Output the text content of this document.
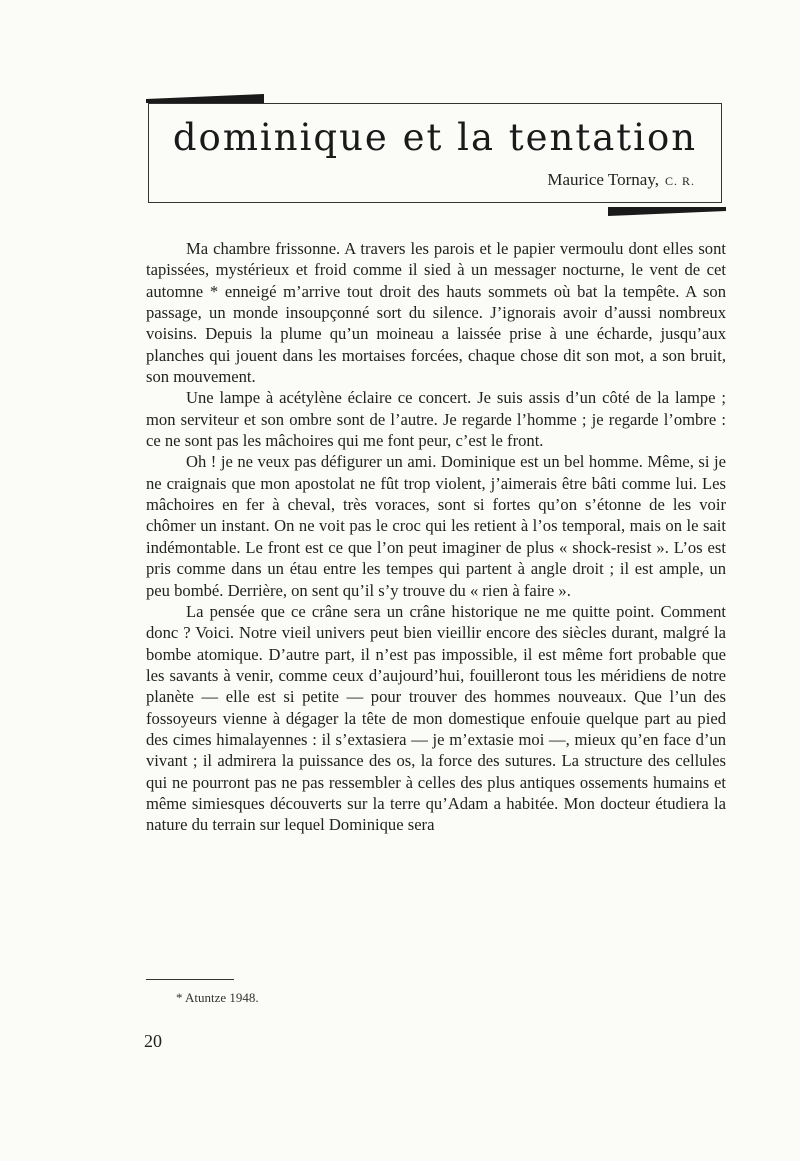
dominique et la tentation
Maurice Tornay, C. R.

Ma chambre frissonne. A travers les parois et le papier vermoulu dont elles sont tapissées, mystérieux et froid comme il sied à un messager nocturne, le vent de cet automne * enneigé m’arrive tout droit des hauts sommets où bat la tempête. A son passage, un monde insoupçonné sort du silence. J’ignorais avoir d’aussi nombreux voisins. Depuis la plume qu’un moineau a laissée prise à une écharde, jusqu’aux planches qui jouent dans les mortaises forcées, chaque chose dit son mot, a son bruit, son mouvement.

Une lampe à acétylène éclaire ce concert. Je suis assis d’un côté de la lampe ; mon serviteur et son ombre sont de l’autre. Je regarde l’homme ; je regarde l’ombre : ce ne sont pas les mâchoires qui me font peur, c’est le front.

Oh ! je ne veux pas défigurer un ami. Dominique est un bel homme. Même, si je ne craignais que mon apostolat ne fût trop violent, j’aimerais être bâti comme lui. Les mâchoires en fer à cheval, très voraces, sont si fortes qu’on s’étonne de les voir chômer un instant. On ne voit pas le croc qui les retient à l’os temporal, mais on le sait indémontable. Le front est ce que l’on peut imaginer de plus « shock-resist ». L’os est pris comme dans un étau entre les tempes qui partent à angle droit ; il est ample, un peu bombé. Derrière, on sent qu’il s’y trouve du « rien à faire ».

La pensée que ce crâne sera un crâne historique ne me quitte point. Comment donc ? Voici. Notre vieil univers peut bien vieillir encore des siècles durant, malgré la bombe atomique. D’autre part, il n’est pas impossible, il est même fort probable que les savants à venir, comme ceux d’aujourd’hui, fouilleront tous les méridiens de notre planète — elle est si petite — pour trouver des hommes nouveaux. Que l’un des fossoyeurs vienne à dégager la tête de mon domestique enfouie quelque part au pied des cimes himalayennes : il s’extasiera — je m’extasie moi —, mieux qu’en face d’un vivant ; il admirera la puissance des os, la force des sutures. La structure des cellules qui ne pourront pas ne pas ressembler à celles des plus antiques ossements humains et même simiesques découverts sur la terre qu’Adam a habitée. Mon docteur étudiera la nature du terrain sur lequel Dominique sera

* Atuntze 1948.
20
